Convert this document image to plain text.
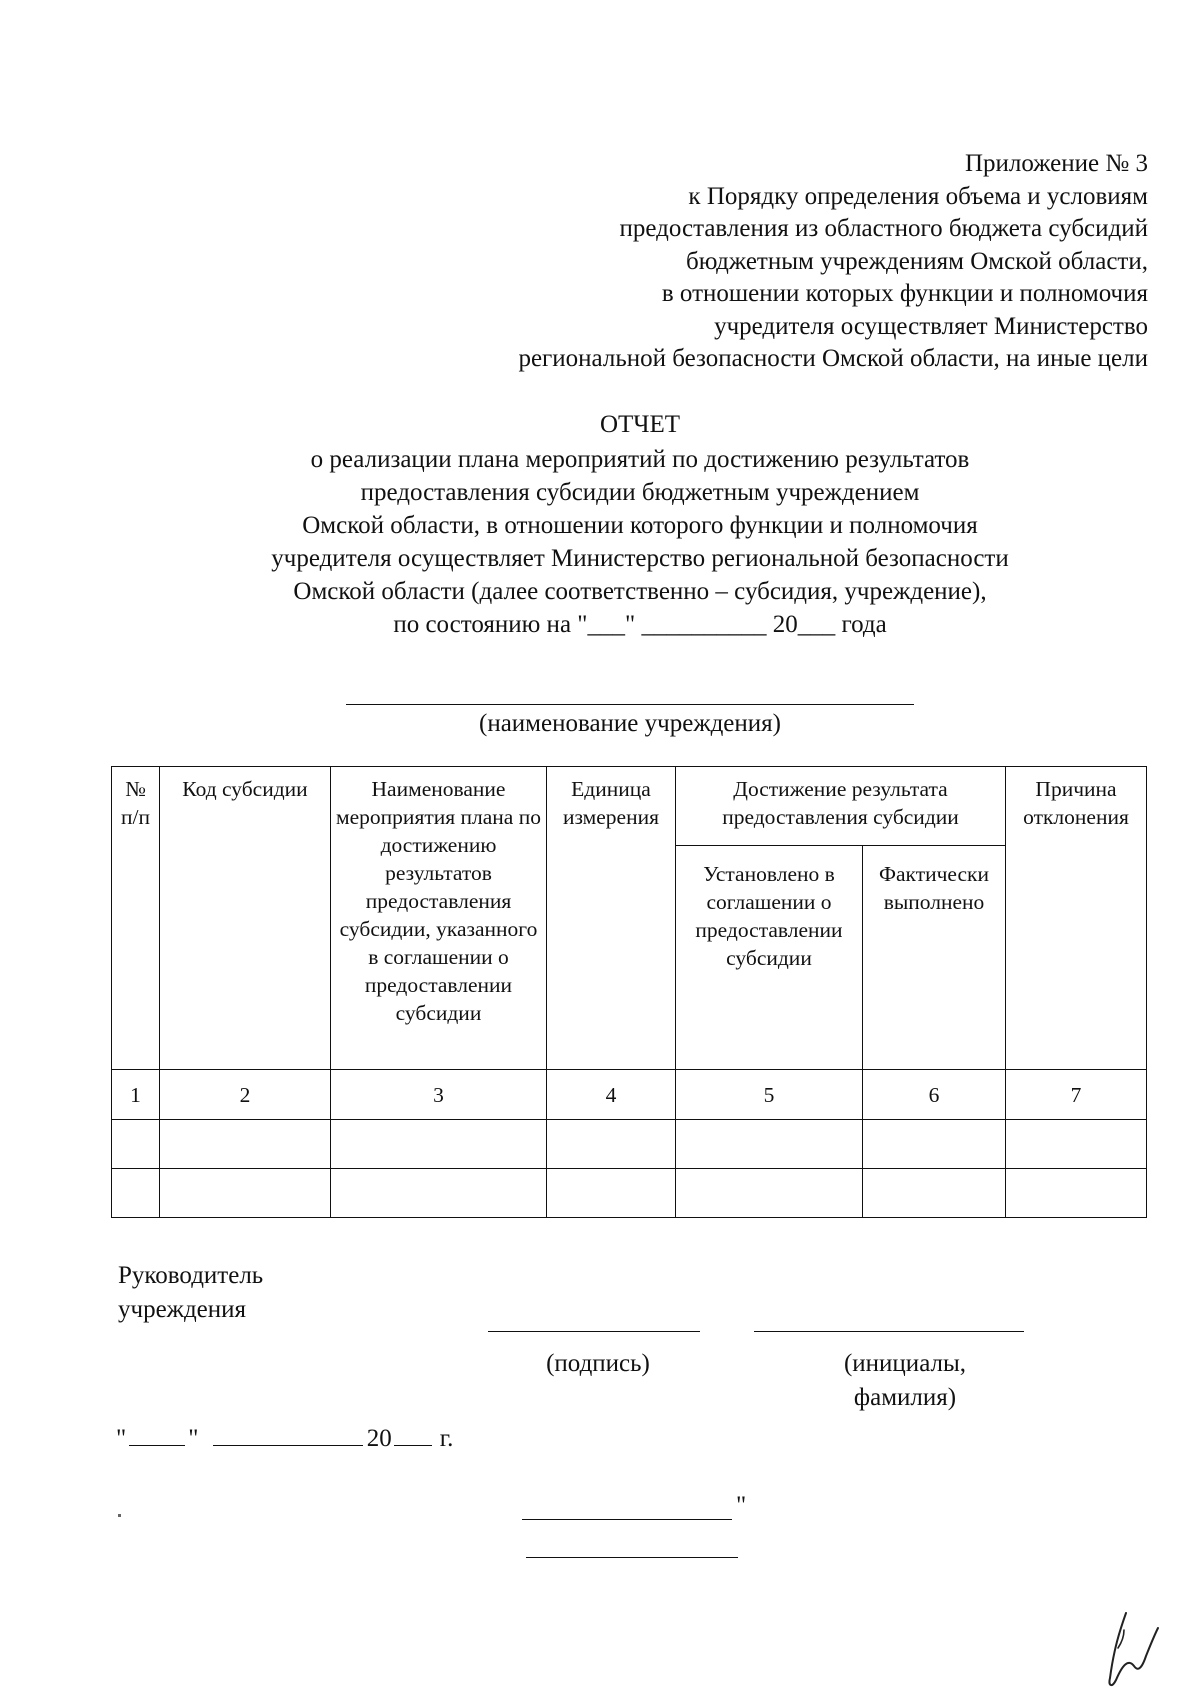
Приложение № 3
к Порядку определения объема и условиям
предоставления из областного бюджета субсидий
бюджетным учреждениям Омской области,
в отношении которых функции и полномочия
учредителя осуществляет Министерство
региональной безопасности Омской области, на иные цели
ОТЧЕТ
о реализации плана мероприятий по достижению результатов
предоставления субсидии бюджетным учреждением
Омской области, в отношении которого функции и полномочия
учредителя осуществляет Министерство региональной безопасности
Омской области (далее соответственно – субсидия, учреждение),
по состоянию на "___" __________ 20___ года
(наименование учреждения)
№ п/п	Код субсидии	Наименование мероприятия плана по достижению результатов предоставления субсидии, указанного в соглашении о предоставлении субсидии	Единица измерения	Достижение результата предоставления субсидии		Причина отклонения
				Установлено в соглашении о предоставлении субсидии	Фактически выполнено	
1	2	3	4	5	6	7

Руководитель
учреждения
(подпись)	(инициалы,
фамилия)
" "	20 г.
"
